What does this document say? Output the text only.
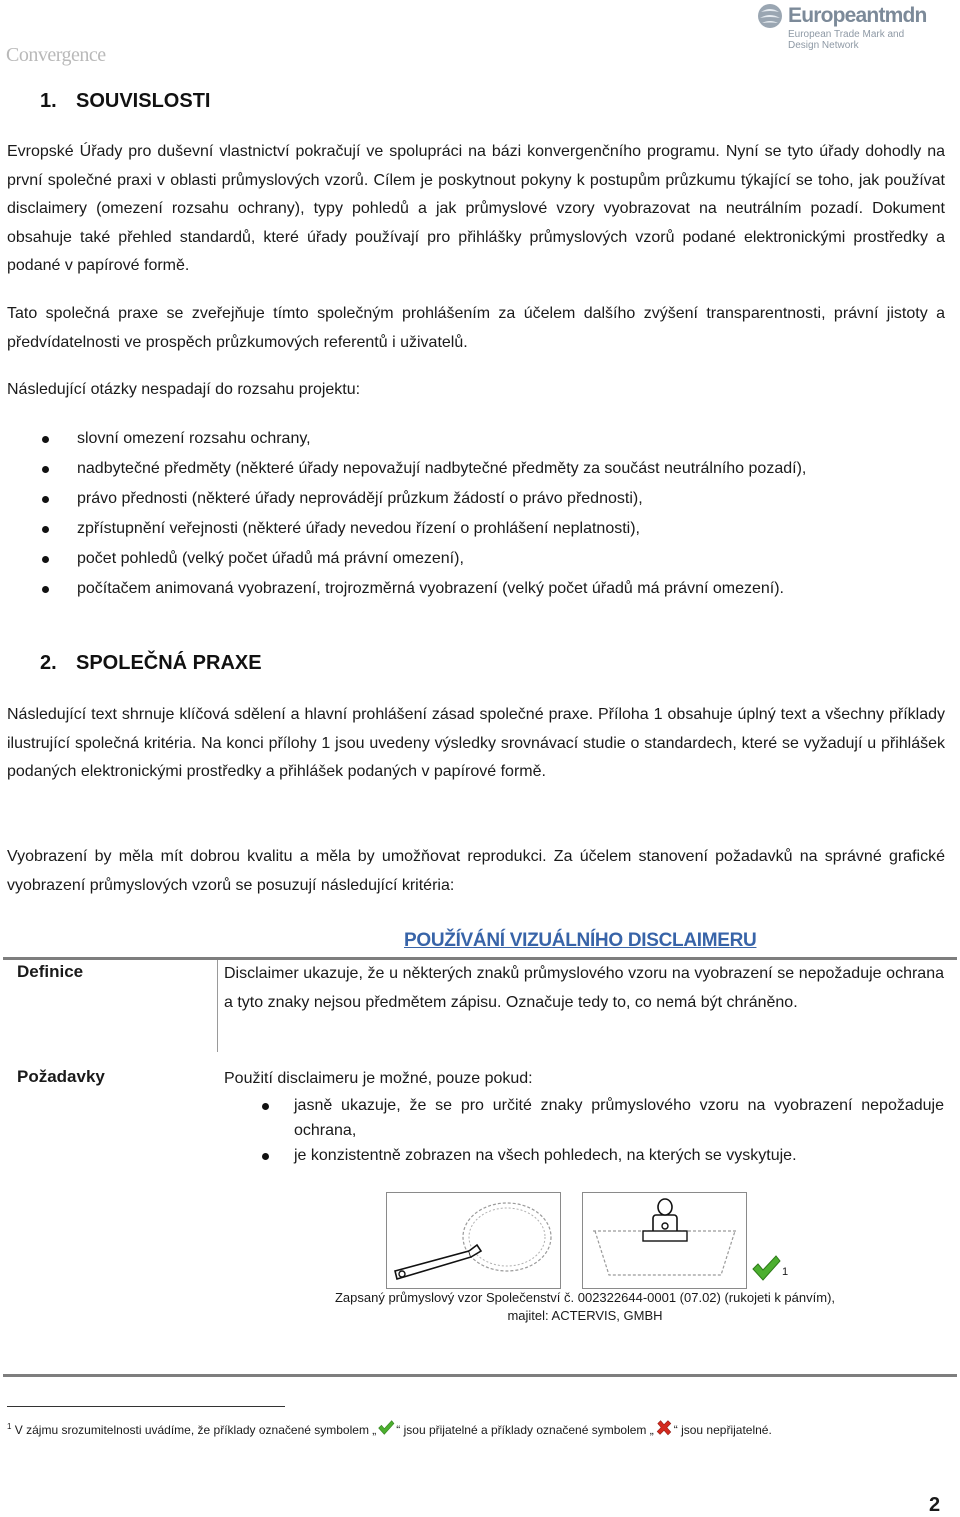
Convergence
Europeantmdn
European Trade Mark and
Design Network
1. SOUVISLOSTI
Evropské Úřady pro duševní vlastnictví pokračují ve spolupráci na bázi konvergenčního programu. Nyní se tyto úřady dohodly na první společné praxi v oblasti průmyslových vzorů. Cílem je poskytnout pokyny k postupům průzkumu týkající se toho, jak používat disclaimery (omezení rozsahu ochrany), typy pohledů a jak průmyslové vzory vyobrazovat na neutrálním pozadí. Dokument obsahuje také přehled standardů, které úřady používají pro přihlášky průmyslových vzorů podané elektronickými prostředky a podané v papírové formě.
Tato společná praxe se zveřejňuje tímto společným prohlášením za účelem dalšího zvýšení transparentnosti, právní jistoty a předvídatelnosti ve prospěch průzkumových referentů i uživatelů.
Následující otázky nespadají do rozsahu projektu:
slovní omezení rozsahu ochrany,
nadbytečné předměty (některé úřady nepovažují nadbytečné předměty za součást neutrálního pozadí),
právo přednosti (některé úřady neprovádějí průzkum žádostí o právo přednosti),
zpřístupnění veřejnosti (některé úřady nevedou řízení o prohlášení neplatnosti),
počet pohledů (velký počet úřadů má právní omezení),
počítačem animovaná vyobrazení, trojrozměrná vyobrazení (velký počet úřadů má právní omezení).
2. SPOLEČNÁ PRAXE
Následující text shrnuje klíčová sdělení a hlavní prohlášení zásad společné praxe. Příloha 1 obsahuje úplný text a všechny příklady ilustrující společná kritéria. Na konci přílohy 1 jsou uvedeny výsledky srovnávací studie o standardech, které se vyžadují u přihlášek podaných elektronickými prostředky a přihlášek podaných v papírové formě.
Vyobrazení by měla mít dobrou kvalitu a měla by umožňovat reprodukci. Za účelem stanovení požadavků na správné grafické vyobrazení průmyslových vzorů se posuzují následující kritéria:
POUŽÍVÁNÍ VIZUÁLNÍHO DISCLAIMERU
Definice	Disclaimer ukazuje, že u některých znaků průmyslového vzoru na vyobrazení se nepožaduje ochrana a tyto znaky nejsou předmětem zápisu. Označuje tedy to, co nemá být chráněno.
Požadavky	Použití disclaimeru je možné, pouze pokud:
jasně ukazuje, že se pro určité znaky průmyslového vzoru na vyobrazení nepožaduje ochrana,
je konzistentně zobrazen na všech pohledech, na kterých se vyskytuje.
1
Zapsaný průmyslový vzor Společenství č. 002322644-0001 (07.02) (rukojeti k pánvím),
majitel: ACTERVIS, GMBH
$^1$ V zájmu srozumitelnosti uvádíme, že příklady označené symbolem „ “ jsou přijatelné a příklady označené symbolem „ “ jsou nepřijatelné.
2
